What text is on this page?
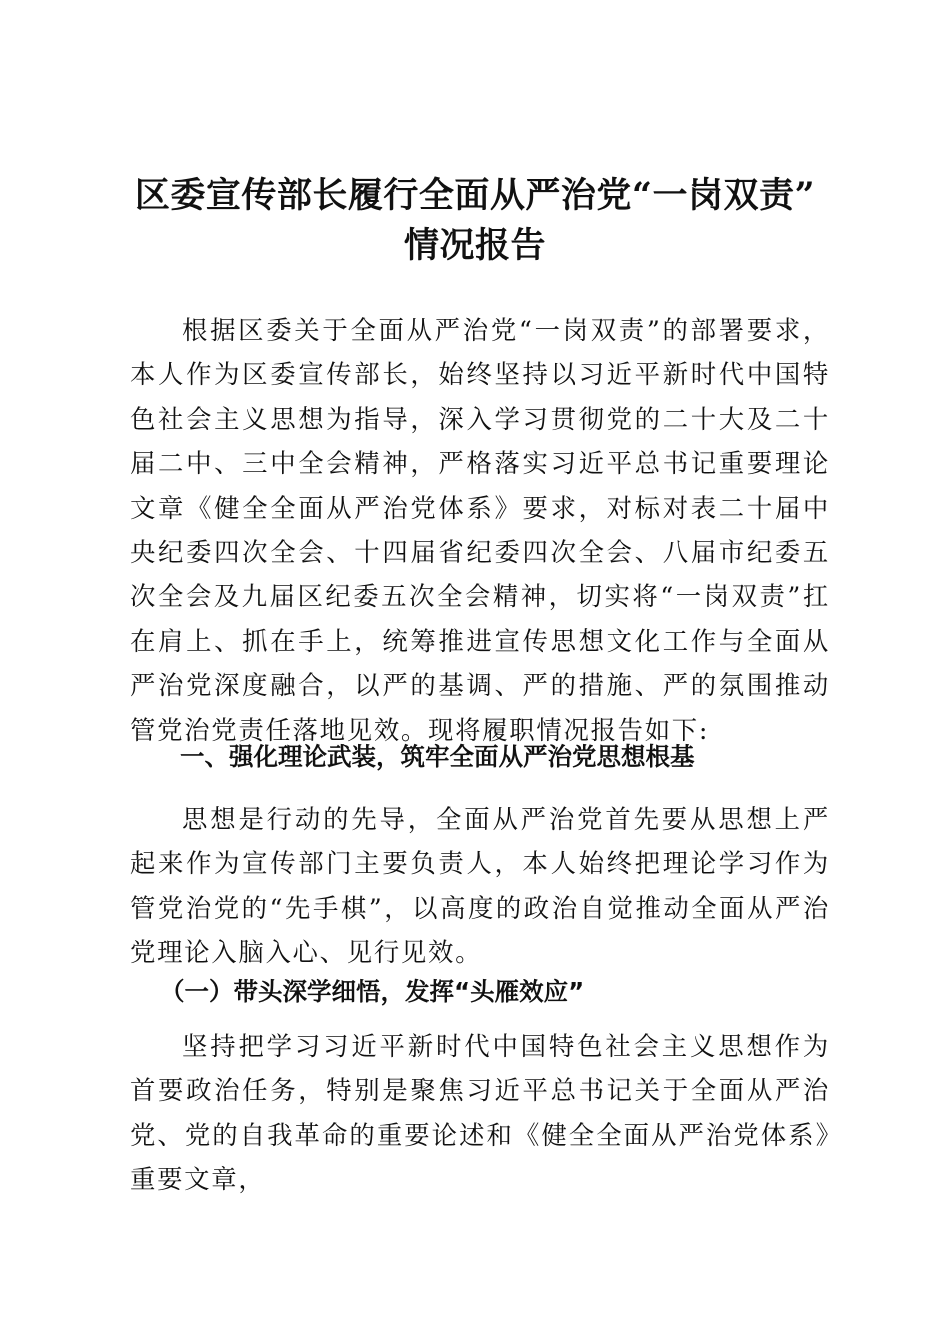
区委宣传部长履行全面从严治党“一岗双责”
情况报告
根据区委关于全面从严治党“一岗双责”的部署要求，本人作为区委宣传部长，始终坚持以习近平新时代中国特色社会主义思想为指导，深入学习贯彻党的二十大及二十届二中、三中全会精神，严格落实习近平总书记重要理论文章《健全全面从严治党体系》要求，对标对表二十届中央纪委四次全会、十四届省纪委四次全会、八届市纪委五次全会及九届区纪委五次全会精神，切实将“一岗双责”扛在肩上、抓在手上，统筹推进宣传思想文化工作与全面从严治党深度融合，以严的基调、严的措施、严的氛围推动管党治党责任落地见效。现将履职情况报告如下:
一、强化理论武装，筑牢全面从严治党思想根基
思想是行动的先导，全面从严治党首先要从思想上严起来作为宣传部门主要负责人，本人始终把理论学习作为管党治党的“先手棋”，以高度的政治自觉推动全面从严治党理论入脑入心、见行见效。
（一）带头深学细悟，发挥“头雁效应”
坚持把学习习近平新时代中国特色社会主义思想作为首要政治任务，特别是聚焦习近平总书记关于全面从严治党、党的自我革命的重要论述和《健全全面从严治党体系》重要文章，
